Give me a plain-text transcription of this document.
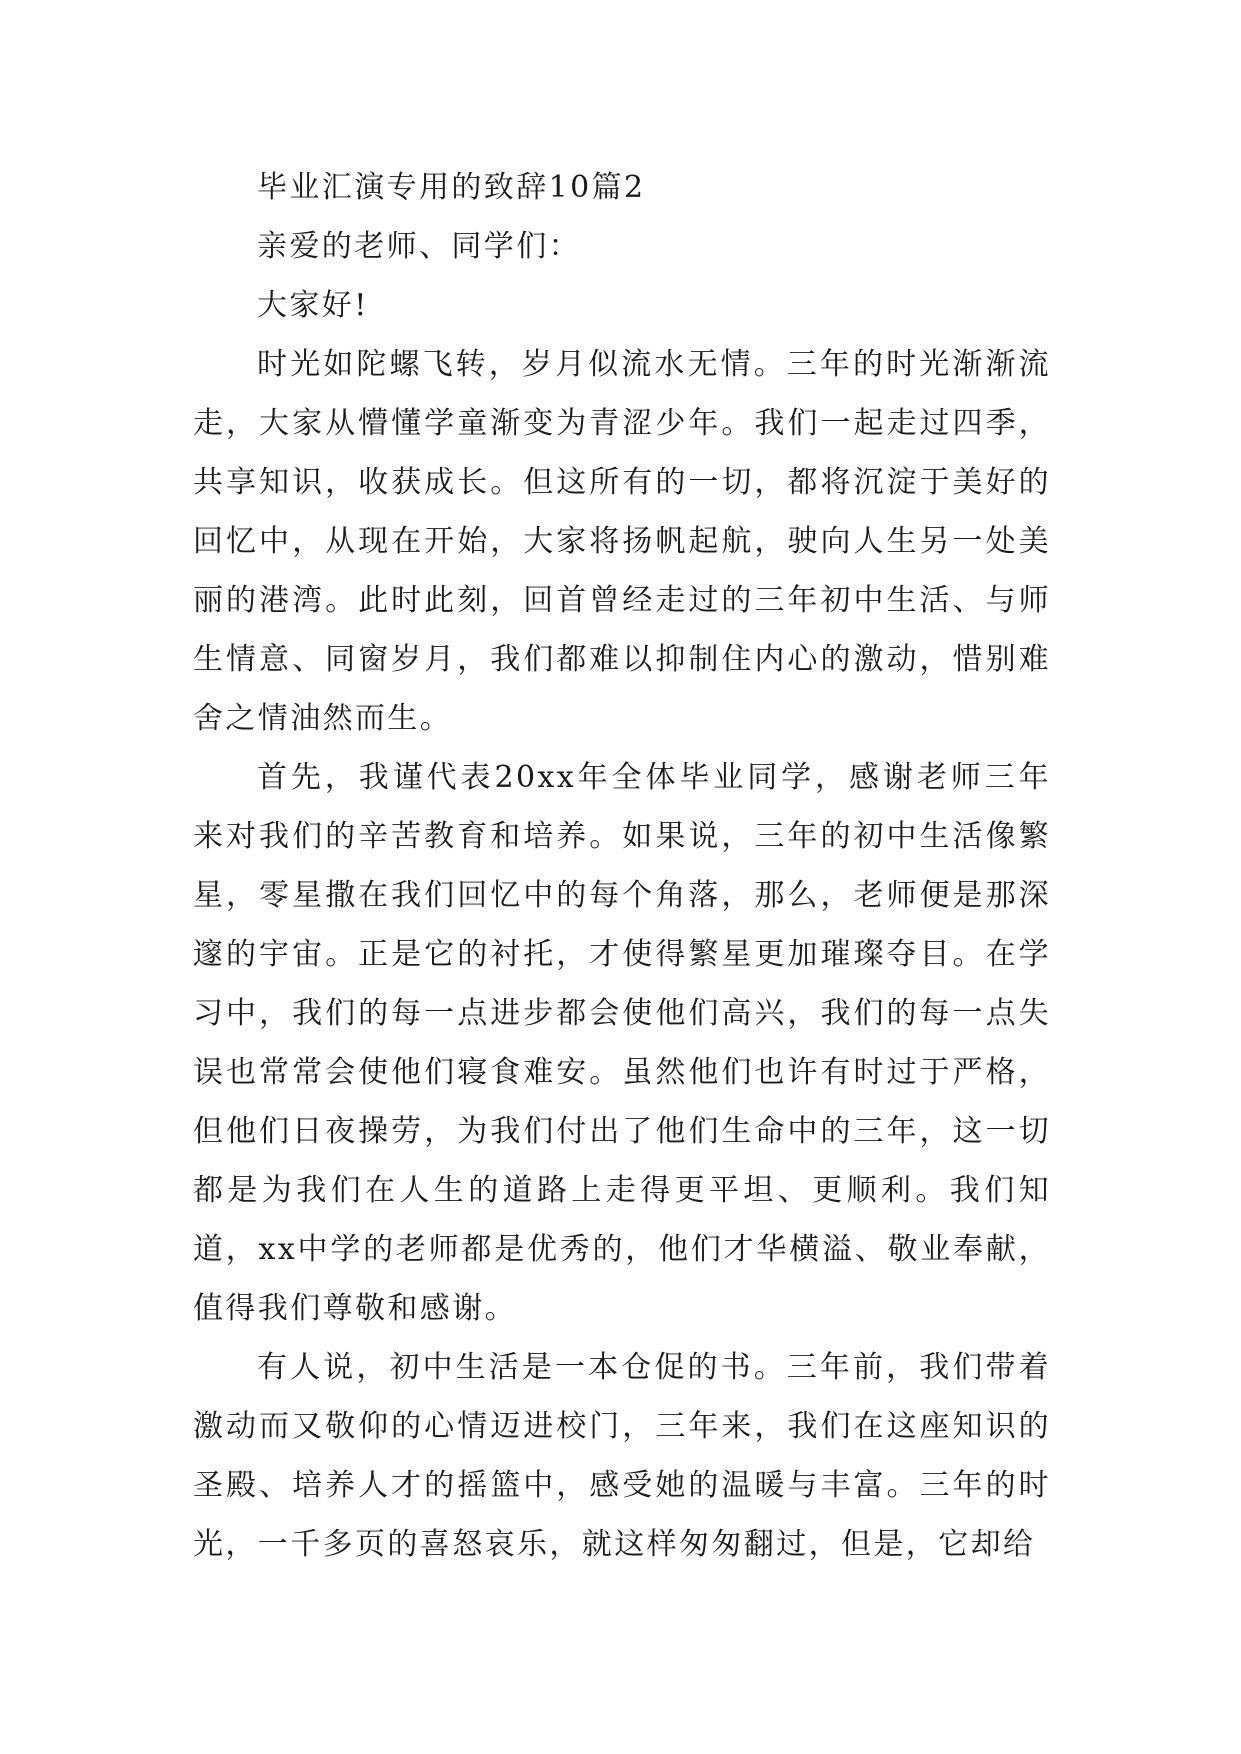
毕业汇演专用的致辞10篇2

亲爱的老师、同学们：

大家好!

时光如陀螺飞转，岁月似流水无情。三年的时光渐渐流走，大家从懵懂学童渐变为青涩少年。我们一起走过四季，共享知识，收获成长。但这所有的一切，都将沉淀于美好的回忆中，从现在开始，大家将扬帆起航，驶向人生另一处美丽的港湾。此时此刻，回首曾经走过的三年初中生活、与师生情意、同窗岁月，我们都难以抑制住内心的激动，惜别难舍之情油然而生。

首先，我谨代表20xx年全体毕业同学，感谢老师三年来对我们的辛苦教育和培养。如果说，三年的初中生活像繁星，零星撒在我们回忆中的每个角落，那么，老师便是那深邃的宇宙。正是它的衬托，才使得繁星更加璀璨夺目。在学习中，我们的每一点进步都会使他们高兴，我们的每一点失误也常常会使他们寝食难安。虽然他们也许有时过于严格，但他们日夜操劳，为我们付出了他们生命中的三年，这一切都是为我们在人生的道路上走得更平坦、更顺利。我们知道，xx中学的老师都是优秀的，他们才华横溢、敬业奉献，值得我们尊敬和感谢。

有人说，初中生活是一本仓促的书。三年前，我们带着激动而又敬仰的心情迈进校门，三年来，我们在这座知识的圣殿、培养人才的摇篮中，感受她的温暖与丰富。三年的时光，一千多页的喜怒哀乐，就这样匆匆翻过，但是，它却给
